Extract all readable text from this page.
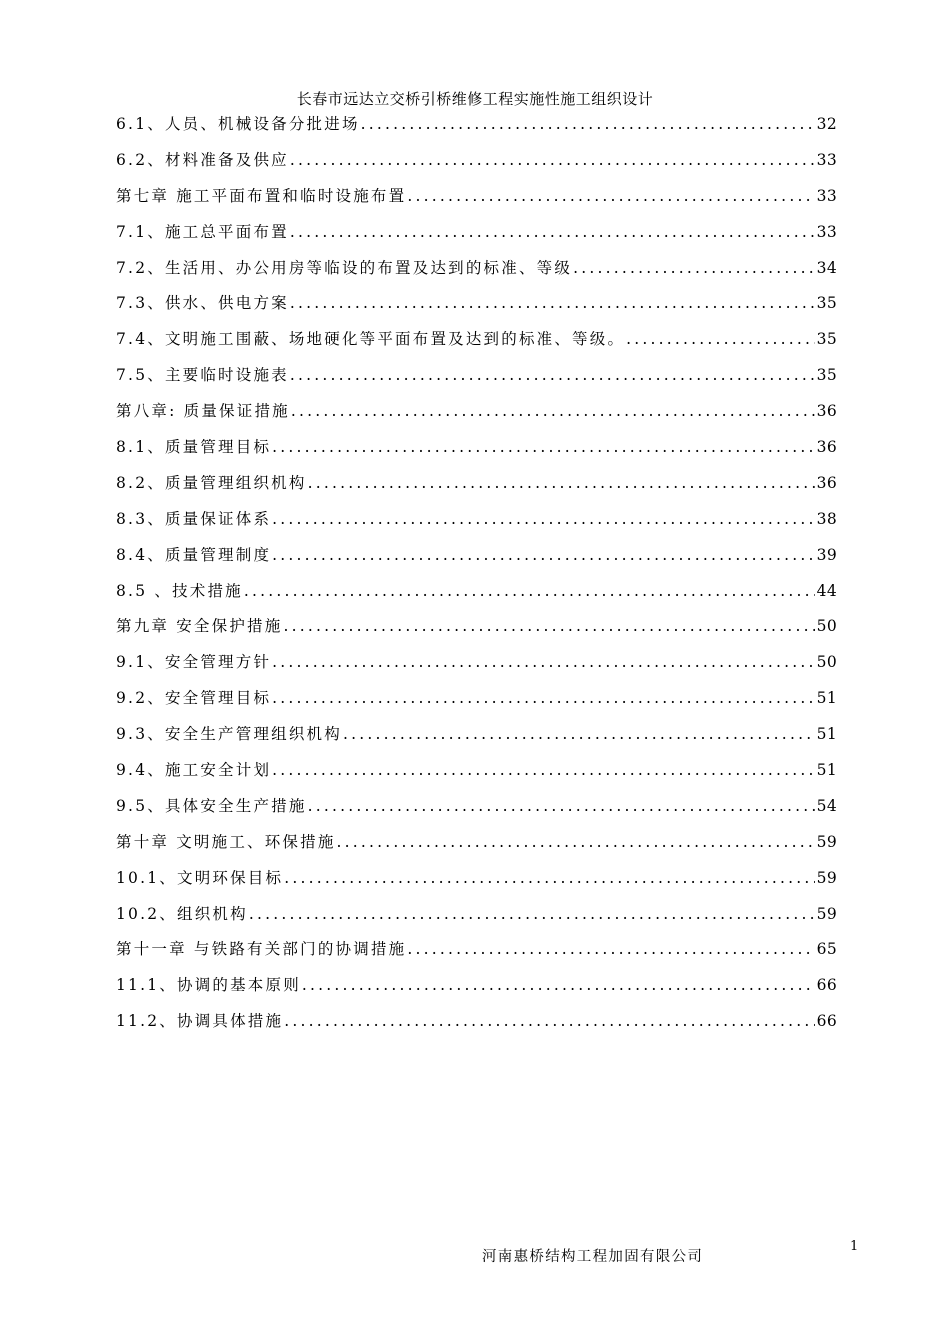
长春市远达立交桥引桥维修工程实施性施工组织设计
6.1、人员、机械设备分批进场 .....	32
6.2、材料准备及供应 .....	33
第七章 施工平面布置和临时设施布置 .....	33
7.1、施工总平面布置 .....	33
7.2、生活用、办公用房等临设的布置及达到的标准、等级 .....	34
7.3、供水、供电方案 .....	35
7.4、文明施工围蔽、场地硬化等平面布置及达到的标准、等级。 .....	35
7.5、主要临时设施表 .....	35
第八章: 质量保证措施 .....	36
8.1、质量管理目标 .....	36
8.2、质量管理组织机构 .....	36
8.3、质量保证体系 .....	38
8.4、质量管理制度 .....	39
8.5 、技术措施 .....	44
第九章 安全保护措施 .....	50
9.1、安全管理方针 .....	50
9.2、安全管理目标 .....	51
9.3、安全生产管理组织机构 .....	51
9.4、施工安全计划 .....	51
9.5、具体安全生产措施 .....	54
第十章 文明施工、环保措施 .....	59
10.1、文明环保目标 .....	59
10.2、组织机构 .....	59
第十一章 与铁路有关部门的协调措施 .....	65
11.1、协调的基本原则 .....	66
11.2、协调具体措施 .....	66
河南惠桥结构工程加固有限公司
1
